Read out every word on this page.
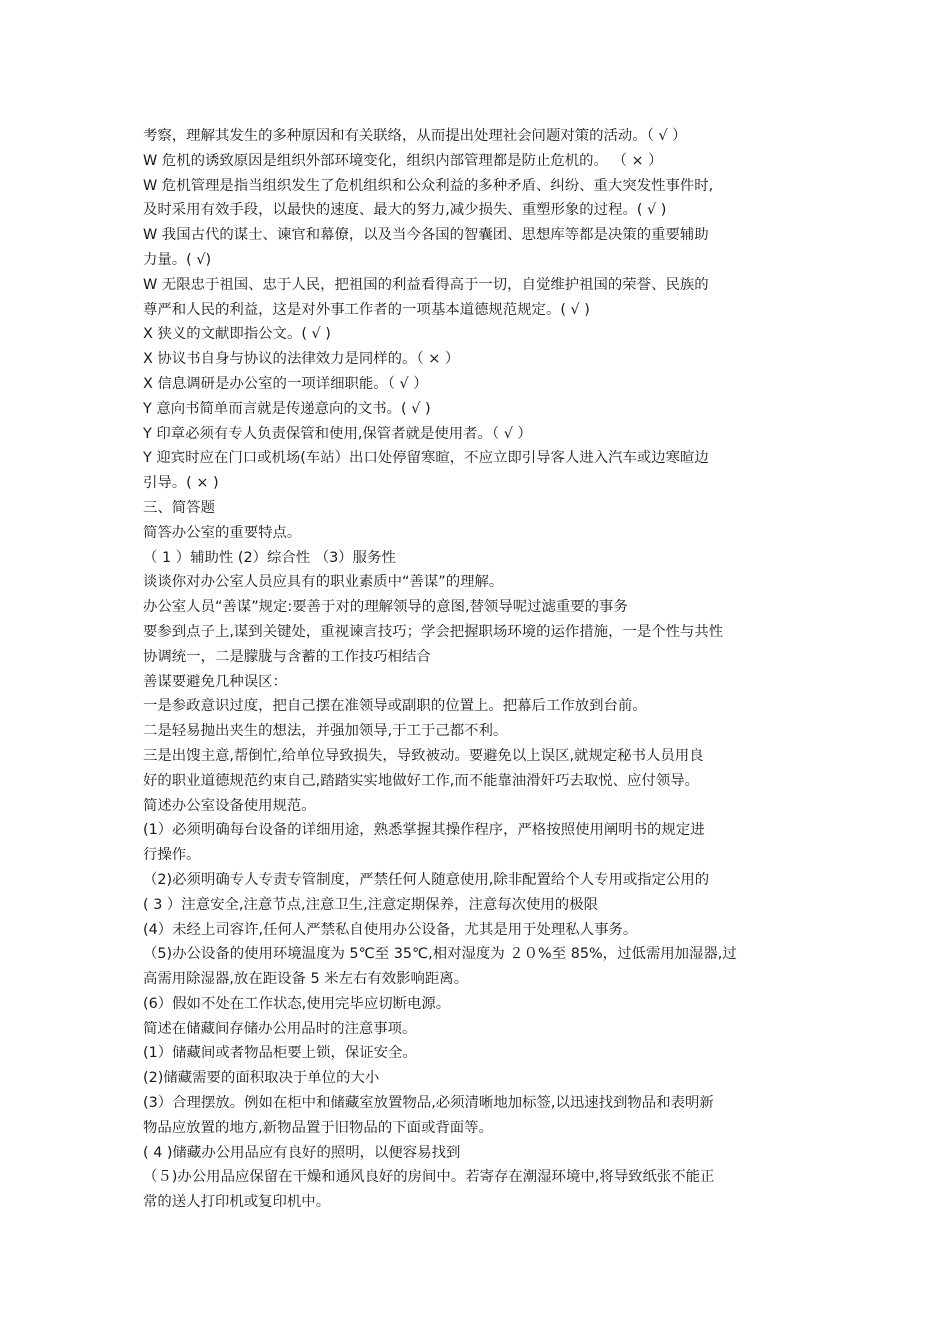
考察，理解其发生的多种原因和有关联络，从而提出处理社会问题对策的活动。（ √ ）
W 危机的诱致原因是组织外部环境变化，组织内部管理都是防止危机的。 （ × ）
W 危机管理是指当组织发生了危机组织和公众利益的多种矛盾、纠纷、重大突发性事件时,
及时采用有效手段，以最快的速度、最大的努力,减少损失、重塑形象的过程。( √ )
W 我国古代的谋士、谏官和幕僚，以及当今各国的智囊团、思想库等都是决策的重要辅助
力量。( √)
W 无限忠于祖国、忠于人民，把祖国的利益看得高于一切，自觉维护祖国的荣誉、民族的
尊严和人民的利益，这是对外事工作者的一项基本道德规范规定。( √ )
X 狭义的文献即指公文。( √ )
X 协议书自身与协议的法律效力是同样的。（ × ）
X 信息调研是办公室的一项详细职能。（ √ ）
Y 意向书简单而言就是传递意向的文书。( √ )
Y 印章必须有专人负责保管和使用,保管者就是使用者。（ √ ）
Y 迎宾时应在门口或机场(车站）出口处停留寒暄，不应立即引导客人进入汽车或边寒暄边
引导。( × )
三、简答题
简答办公室的重要特点。
（ 1 ）辅助性 (2）综合性 （3）服务性
谈谈你对办公室人员应具有的职业素质中“善谋”的理解。
办公室人员“善谋”规定:要善于对的理解领导的意图,替领导呢过滤重要的事务
要参到点子上,谋到关键处，重视谏言技巧；学会把握职场环境的运作措施，一是个性与共性
协调统一，二是朦胧与含蓄的工作技巧相结合
善谋要避免几种误区：
一是参政意识过度，把自己摆在准领导或副职的位置上。把幕后工作放到台前。
二是轻易抛出夹生的想法，并强加领导,于工于己都不利。
三是出馊主意,帮倒忙,给单位导致损失，导致被动。要避免以上误区,就规定秘书人员用良
好的职业道德规范约束自己,踏踏实实地做好工作,而不能靠油滑奸巧去取悦、应付领导。
简述办公室设备使用规范。
(1）必须明确每台设备的详细用途，熟悉掌握其操作程序，严格按照使用阐明书的规定进
行操作。
（2)必须明确专人专责专管制度，严禁任何人随意使用,除非配置给个人专用或指定公用的
( 3 ）注意安全,注意节点,注意卫生,注意定期保养，注意每次使用的极限
(4）未经上司容许,任何人严禁私自使用办公设备，尤其是用于处理私人事务。
（5)办公设备的使用环境温度为 5℃至 35℃,相对湿度为 ２０%至 85%，过低需用加湿器,过
高需用除湿器,放在距设备 5 米左右有效影响距离。
(6）假如不处在工作状态,使用完毕应切断电源。
简述在储藏间存储办公用品时的注意事项。
(1）储藏间或者物品柜要上锁，保证安全。
(2)储藏需要的面积取决于单位的大小
(3）合理摆放。例如在柜中和储藏室放置物品,必须清晰地加标签,以迅速找到物品和表明新
物品应放置的地方,新物品置于旧物品的下面或背面等。
( 4 )储藏办公用品应有良好的照明，以便容易找到
（５)办公用品应保留在干燥和通风良好的房间中。若寄存在潮湿环境中,将导致纸张不能正
常的送人打印机或复印机中。
